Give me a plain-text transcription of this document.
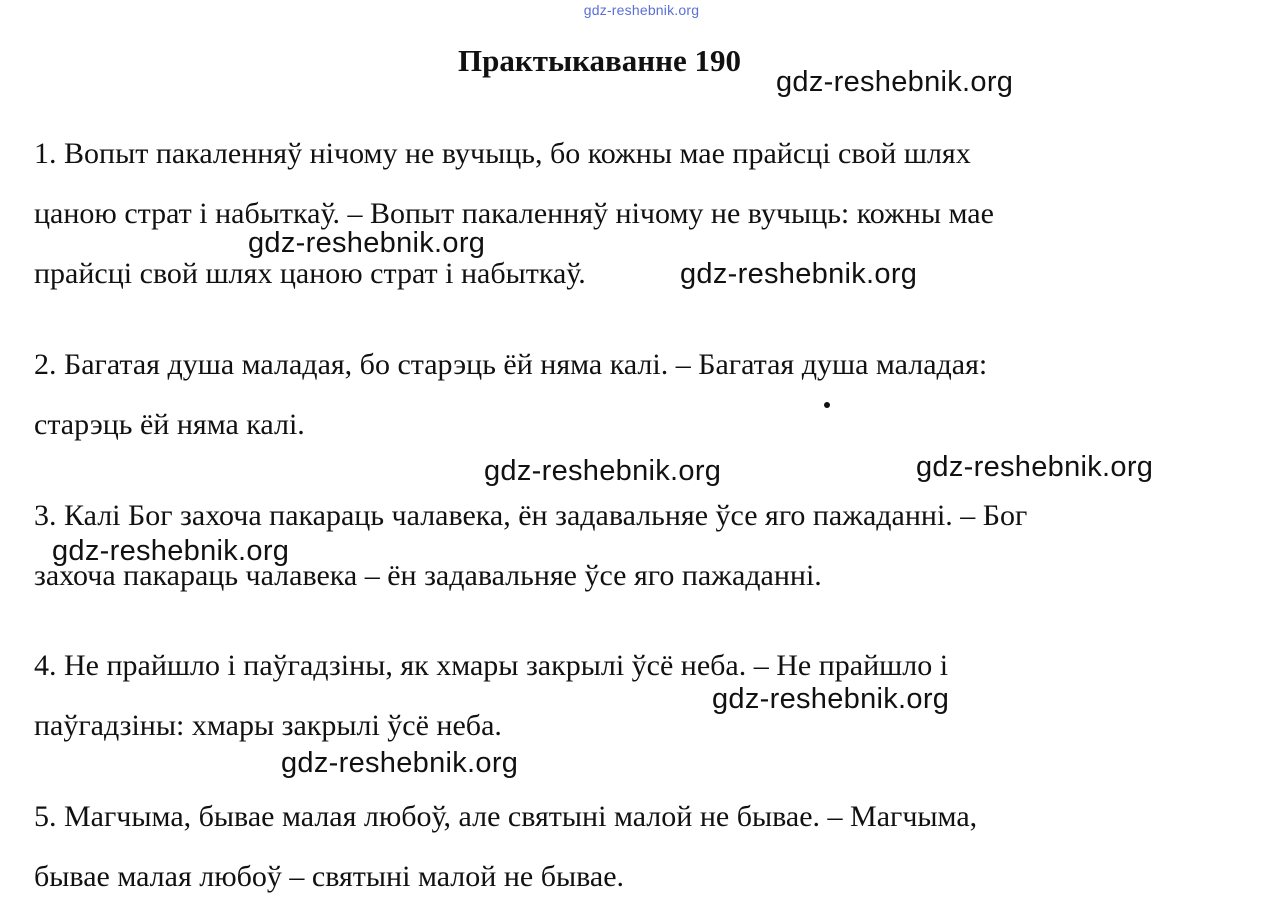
gdz-reshebnik.org
Практыкаванне 190
1. Вопыт пакаленняў нічому не вучыць, бо кожны мае прайсці свой шлях
цаною страт і набыткаў. – Вопыт пакаленняў нічому не вучыць: кожны мае
прайсці свой шлях цаною страт і набыткаў.
2. Багатая душа маладая, бо старэць ёй няма калі. – Багатая душа маладая:
старэць ёй няма калі.
3. Калі Бог захоча пакараць чалавека, ён задавальняе ўсе яго пажаданні. – Бог
захоча пакараць чалавека – ён задавальняе ўсе яго пажаданні.
4. Не прайшло і паўгадзіны, як хмары закрылі ўсё неба. – Не прайшло і
паўгадзіны: хмары закрылі ўсё неба.
5. Магчыма, бывае малая любоў, але святыні малой не бывае. – Магчыма,
бывае малая любоў – святыні малой не бывае.
gdz-reshebnik.org
gdz-reshebnik.org
gdz-reshebnik.org
gdz-reshebnik.org	gdz-reshebnik.org
gdz-reshebnik.org
gdz-reshebnik.org
gdz-reshebnik.org
